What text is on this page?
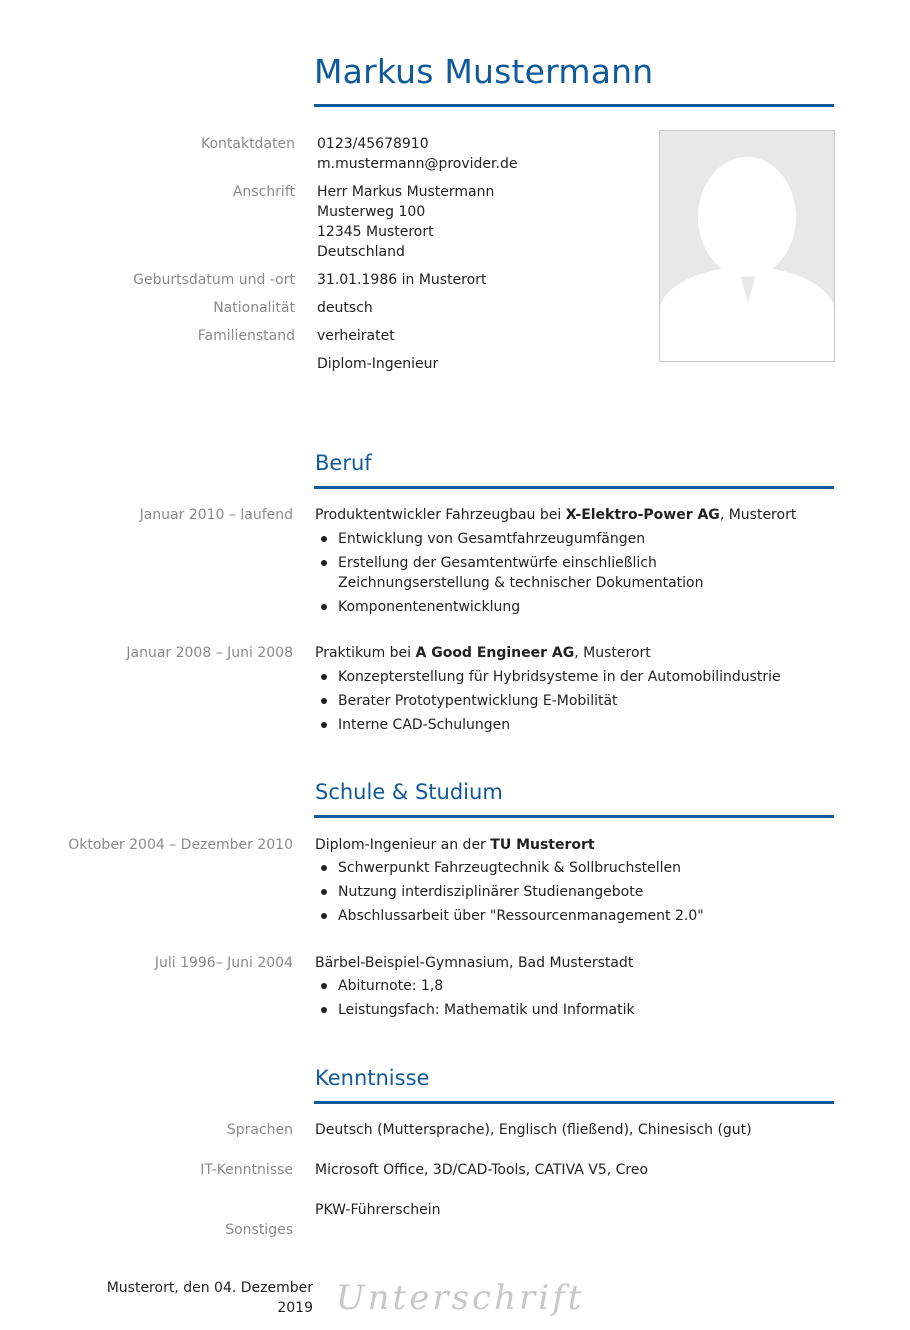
Markus Mustermann
Kontaktdaten 0123/45678910
m.mustermann@provider.de
Anschrift Herr Markus Mustermann
Musterweg 100
12345 Musterort
Deutschland
Geburtsdatum und -ort 31.01.1986 in Musterort
Nationalität deutsch
Familienstand verheiratet
Diplom-Ingenieur
Beruf
Januar 2010 – laufend Produktentwickler Fahrzeugbau bei X-Elektro-Power AG, Musterort
Entwicklung von Gesamtfahrzeugumfängen
Erstellung der Gesamtentwürfe einschließlich Zeichnungserstellung & technischer Dokumentation
Komponentenentwicklung
Januar 2008 – Juni 2008 Praktikum bei A Good Engineer AG, Musterort
Konzepterstellung für Hybridsysteme in der Automobilindustrie
Berater Prototypentwicklung E-Mobilität
Interne CAD-Schulungen
Schule & Studium
Oktober 2004 – Dezember 2010 Diplom-Ingenieur an der TU Musterort
Schwerpunkt Fahrzeugtechnik & Sollbruchstellen
Nutzung interdisziplinärer Studienangebote
Abschlussarbeit über "Ressourcenmanagement 2.0"
Juli 1996– Juni 2004 Bärbel-Beispiel-Gymnasium, Bad Musterstadt
Abiturnote: 1,8
Leistungsfach: Mathematik und Informatik
Kenntnisse
Sprachen Deutsch (Muttersprache), Englisch (fließend), Chinesisch (gut)
IT-Kenntnisse Microsoft Office, 3D/CAD-Tools, CATIVA V5, Creo
PKW-Führerschein
Sonstiges
Musterort, den 04. Dezember 2019 Unterschrift
